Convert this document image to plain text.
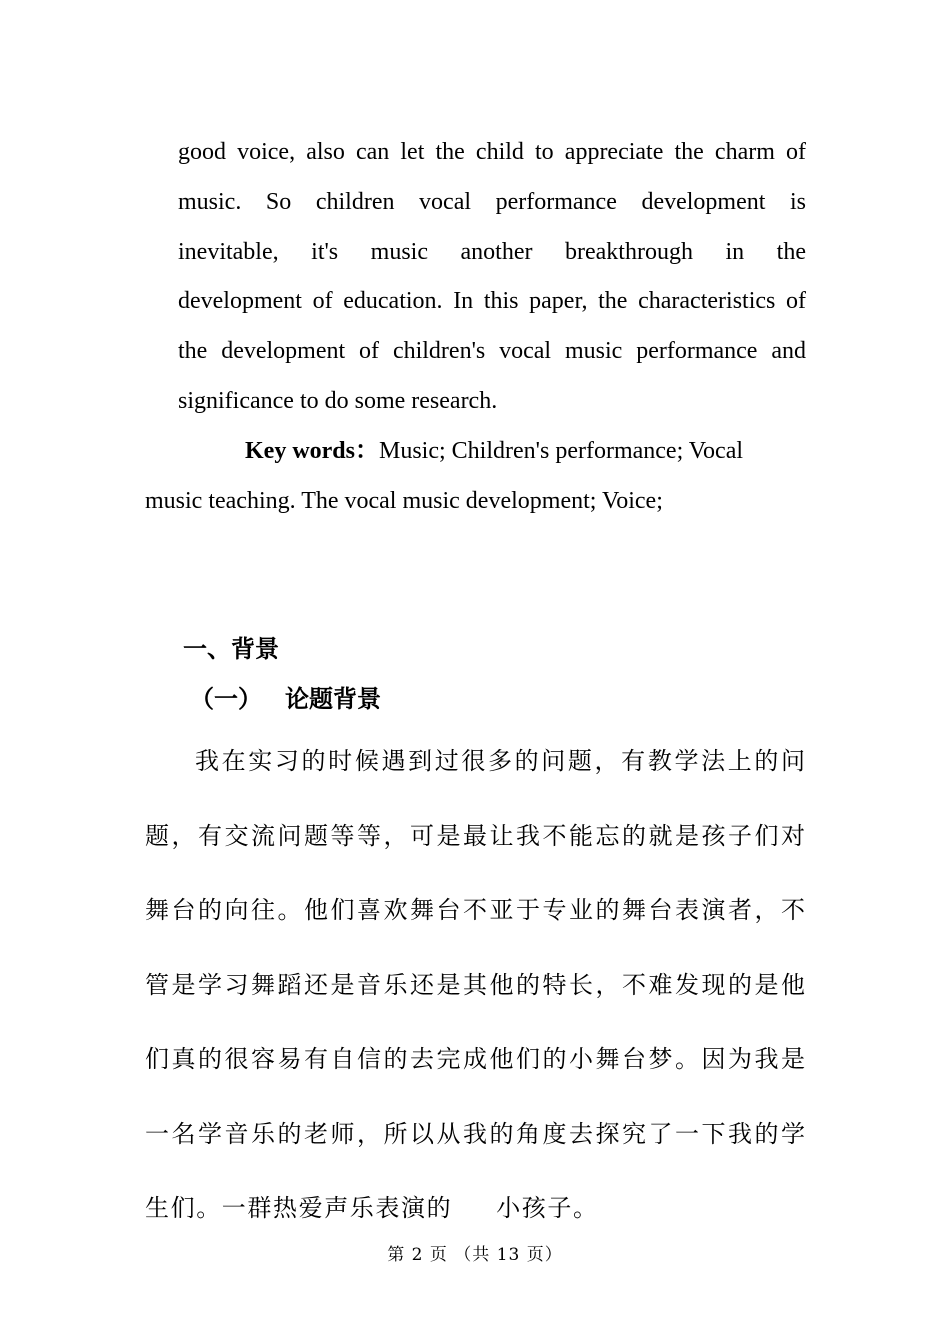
good voice, also can let the child to appreciate the charm of
music. So children vocal performance development is
inevitable, it's music another breakthrough in the
development of education. In this paper, the characteristics of
the development of children's vocal music performance and
significance to do some research.
Key words：Music; Children's performance; Vocal
music teaching. The vocal music development; Voice;
一、背景
（一） 论题背景
我在实习的时候遇到过很多的问题，有教学法上的问
题，有交流问题等等，可是最让我不能忘的就是孩子们对
舞台的向往。他们喜欢舞台不亚于专业的舞台表演者，不
管是学习舞蹈还是音乐还是其他的特长，不难发现的是他
们真的很容易有自信的去完成他们的小舞台梦。因为我是
一名学音乐的老师，所以从我的角度去探究了一下我的学
生们。一群热爱声乐表演的 小孩子。
第 2 页 （共 13 页）
